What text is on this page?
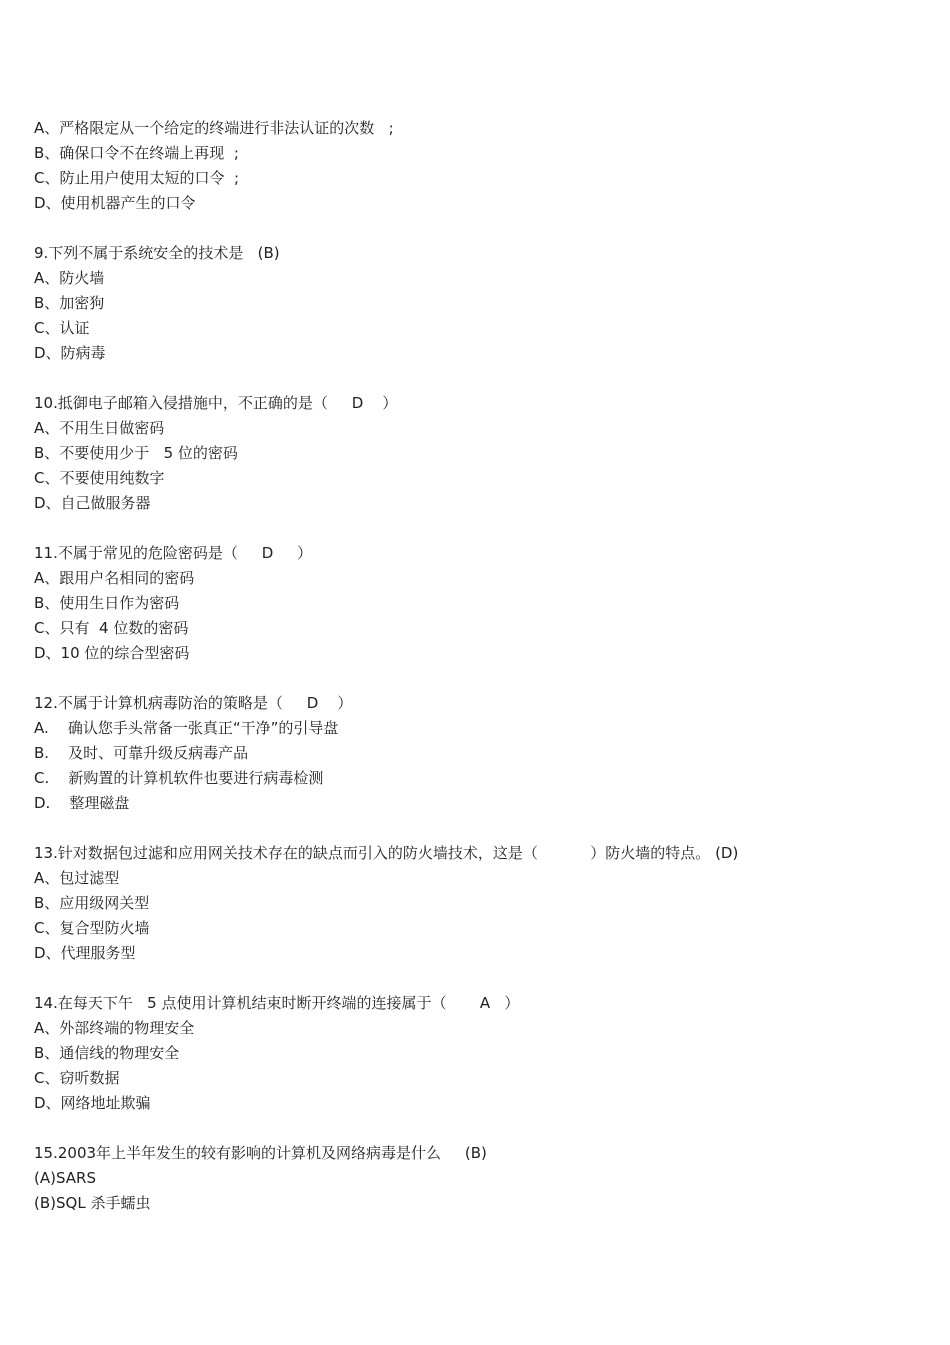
A、严格限定从一个给定的终端进行非法认证的次数   ;
B、确保口令不在终端上再现  ;
C、防止用户使用太短的口令  ;
D、使用机器产生的口令
9.下列不属于系统安全的技术是   (B)
A、防火墙
B、加密狗
C、认证
D、防病毒
10.抵御电子邮箱入侵措施中，不正确的是（     D    ）
A、不用生日做密码
B、不要使用少于   5 位的密码
C、不要使用纯数字
D、自己做服务器
11.不属于常见的危险密码是（     D     ）
A、跟用户名相同的密码
B、使用生日作为密码
C、只有  4 位数的密码
D、10 位的综合型密码
12.不属于计算机病毒防治的策略是（     D    ）
A.    确认您手头常备一张真正“干净”的引导盘
B.    及时、可靠升级反病毒产品
C.    新购置的计算机软件也要进行病毒检测
D.    整理磁盘
13.针对数据包过滤和应用网关技术存在的缺点而引入的防火墙技术，这是（           ）防火墙的特点。 (D)
A、包过滤型
B、应用级网关型
C、复合型防火墙
D、代理服务型
14.在每天下午   5 点使用计算机结束时断开终端的连接属于（       A   ）
A、外部终端的物理安全
B、通信线的物理安全
C、窃听数据
D、网络地址欺骗
15.2003年上半年发生的较有影响的计算机及网络病毒是什么     (B)
(A)SARS
(B)SQL 杀手蠕虫
